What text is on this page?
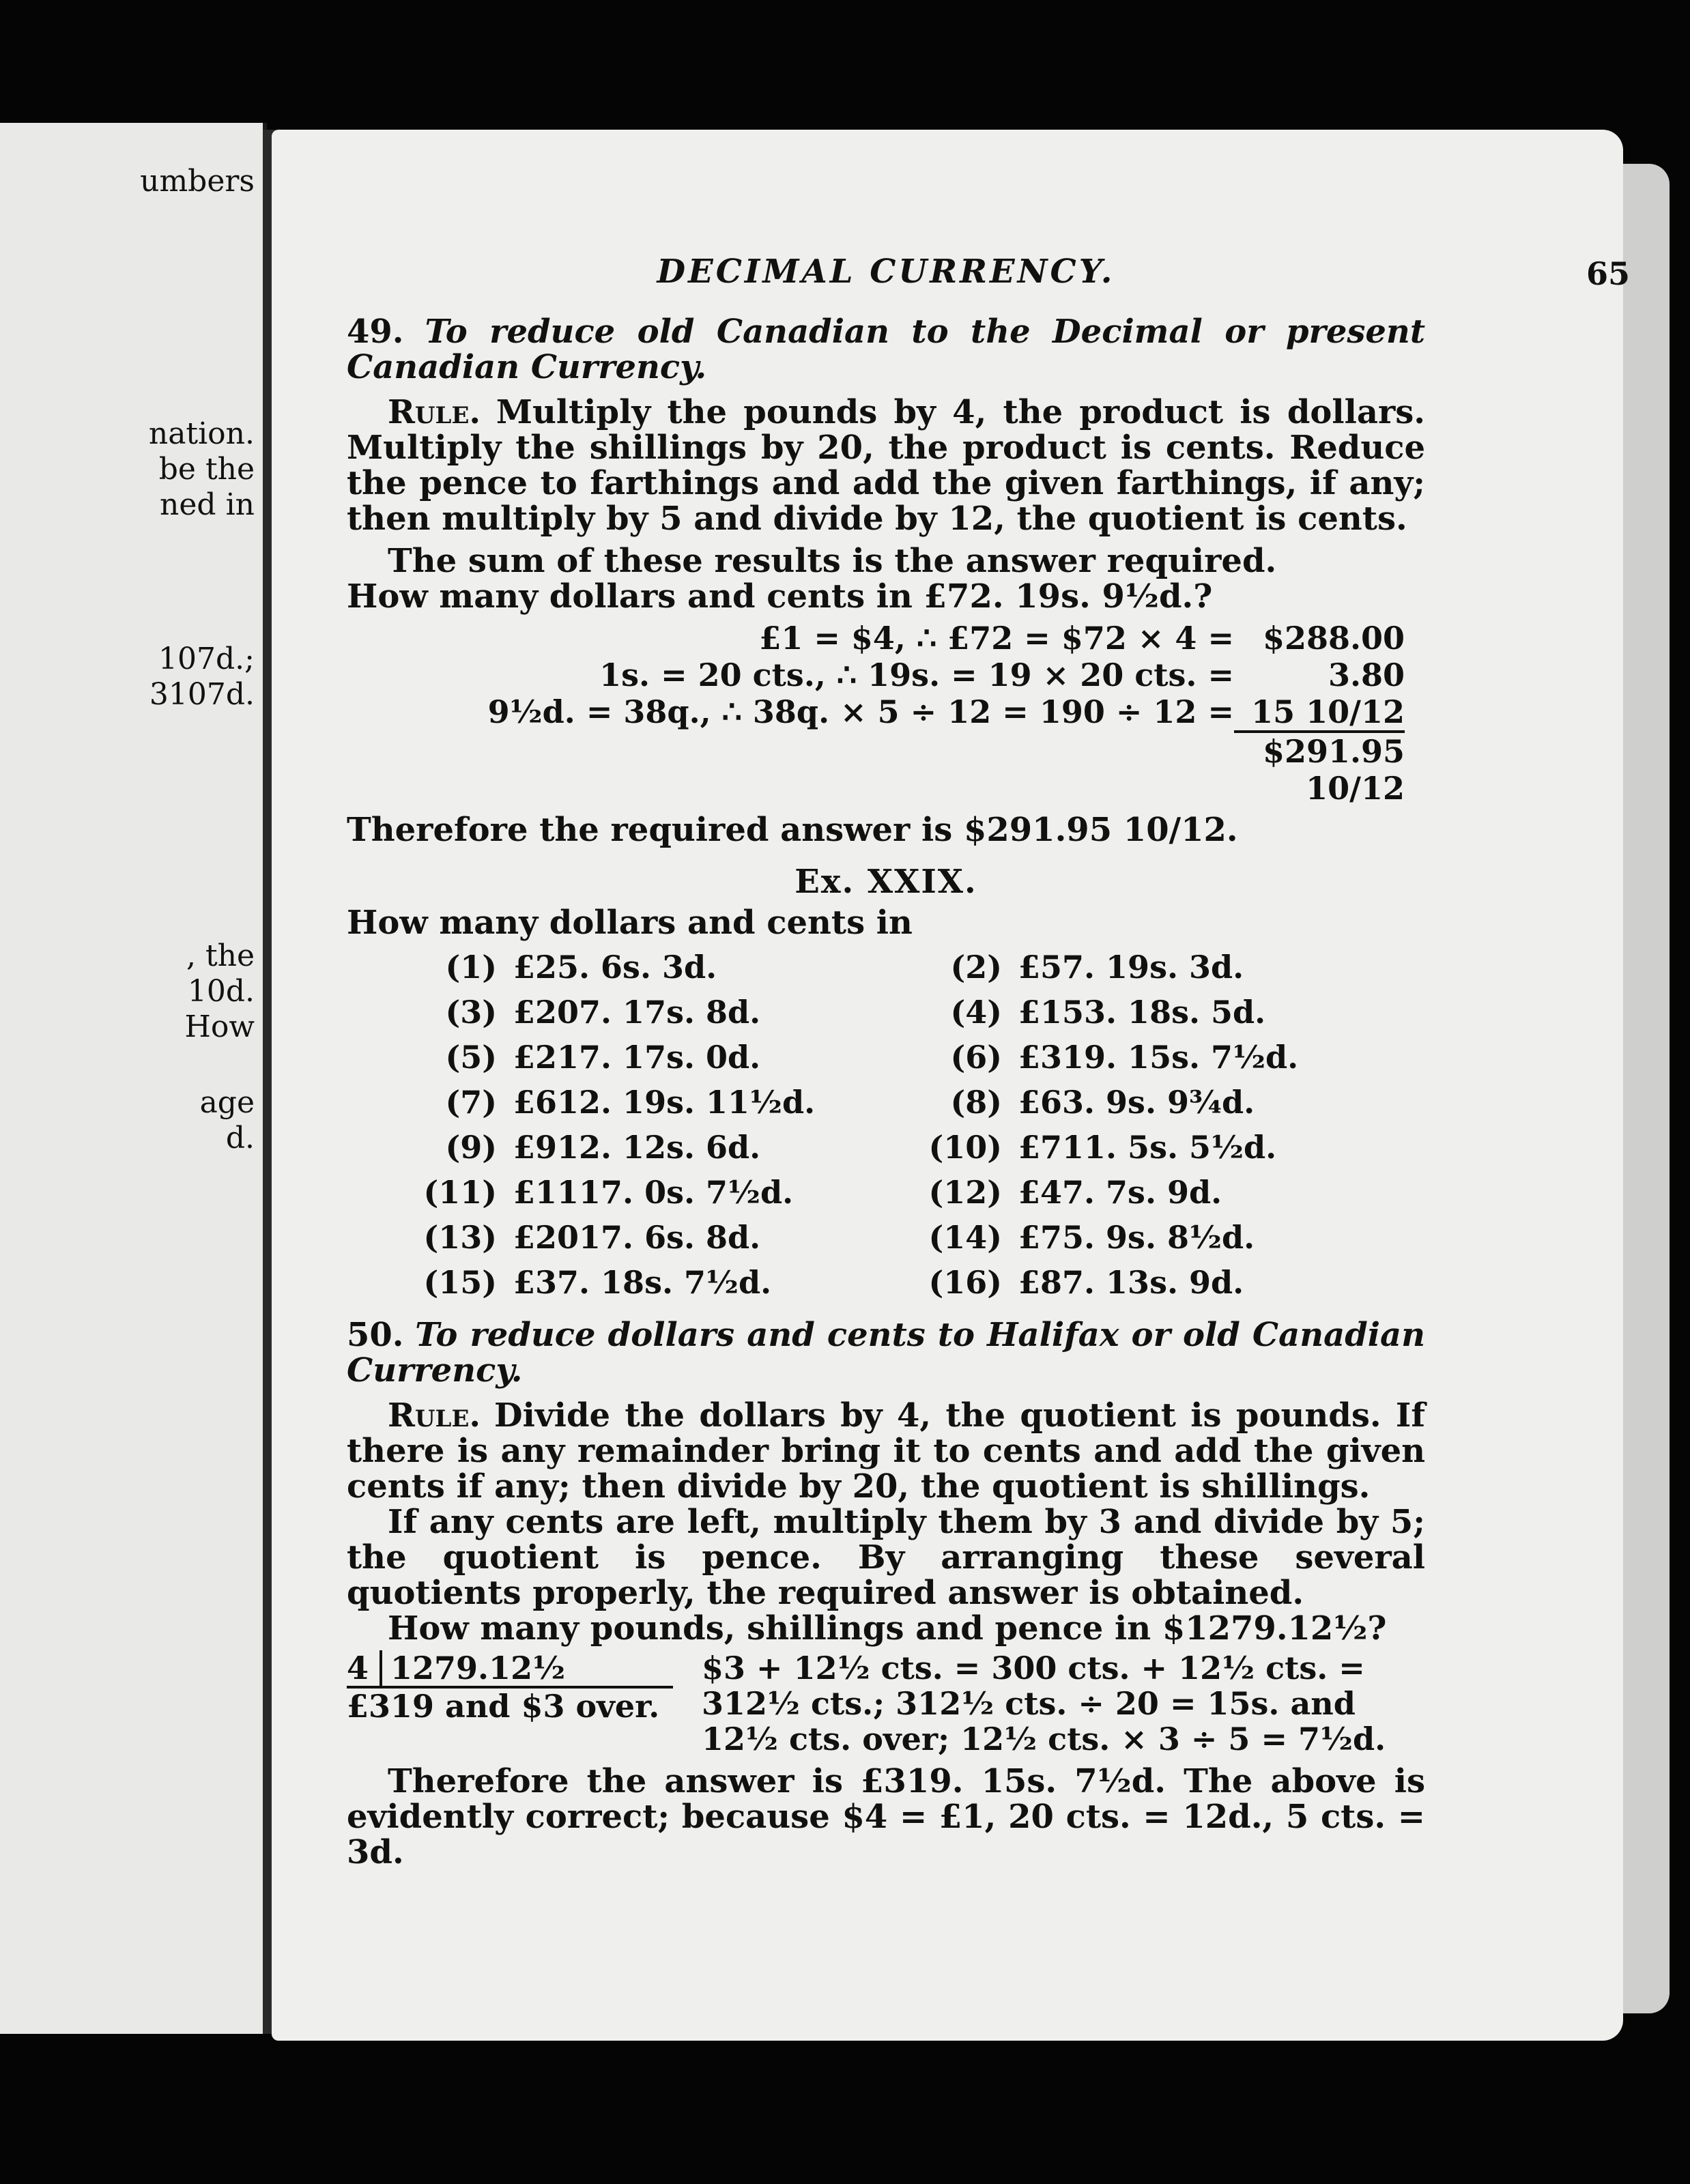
umbers
nation.
be the
ned in
107d.;
3107d.
, the
10d.
How
age
d.
DECIMAL CURRENCY.	65

49. To reduce old Canadian to the Decimal or present Canadian Currency.

Rule. Multiply the pounds by 4, the product is dollars. Multiply the shillings by 20, the product is cents. Reduce the pence to farthings and add the given farthings, if any; then multiply by 5 and divide by 12, the quotient is cents.

The sum of these results is the answer required.

How many dollars and cents in £72. 19s. 9½d.?

£1 = $4, ∴ £72 = $72 × 4 = $288.00
1s. = 20 cts., ∴ 19s. = 19 × 20 cts. =	3.80
9½d. = 38q., ∴ 38q. × 5 ÷ 12 = 190 ÷ 12 = 15 10/12
$291.95 10/12

Therefore the required answer is $291.95 10/12.

Ex. XXIX.

How many dollars and cents in

(1) £25. 6s. 3d.	(2) £57. 19s. 3d.
(3) £207. 17s. 8d.	(4) £153. 18s. 5d.
(5) £217. 17s. 0d.	(6) £319. 15s. 7½d.
(7) £612. 19s. 11½d.	(8) £63. 9s. 9¾d.
(9) £912. 12s. 6d.	(10) £711. 5s. 5½d.
(11) £1117. 0s. 7½d.	(12) £47. 7s. 9d.
(13) £2017. 6s. 8d.	(14) £75. 9s. 8½d.
(15) £37. 18s. 7½d.	(16) £87. 13s. 9d.

50. To reduce dollars and cents to Halifax or old Canadian Currency.

Rule. Divide the dollars by 4, the quotient is pounds. If there is any remainder bring it to cents and add the given cents if any; then divide by 20, the quotient is shillings.

If any cents are left, multiply them by 3 and divide by 5; the quotient is pence. By arranging these several quotients properly, the required answer is obtained.

How many pounds, shillings and pence in $1279.12½?

4 1279.12½
£319 and $3 over.
$3 + 12½ cts. = 300 cts. + 12½ cts. = 312½ cts.; 312½ cts. ÷ 20 = 15s. and 12½ cts. over; 12½ cts. × 3 ÷ 5 = 7½d.

Therefore the answer is £319. 15s. 7½d. The above is evidently correct; because $4 = £1, 20 cts. = 12d., 5 cts. = 3d.
